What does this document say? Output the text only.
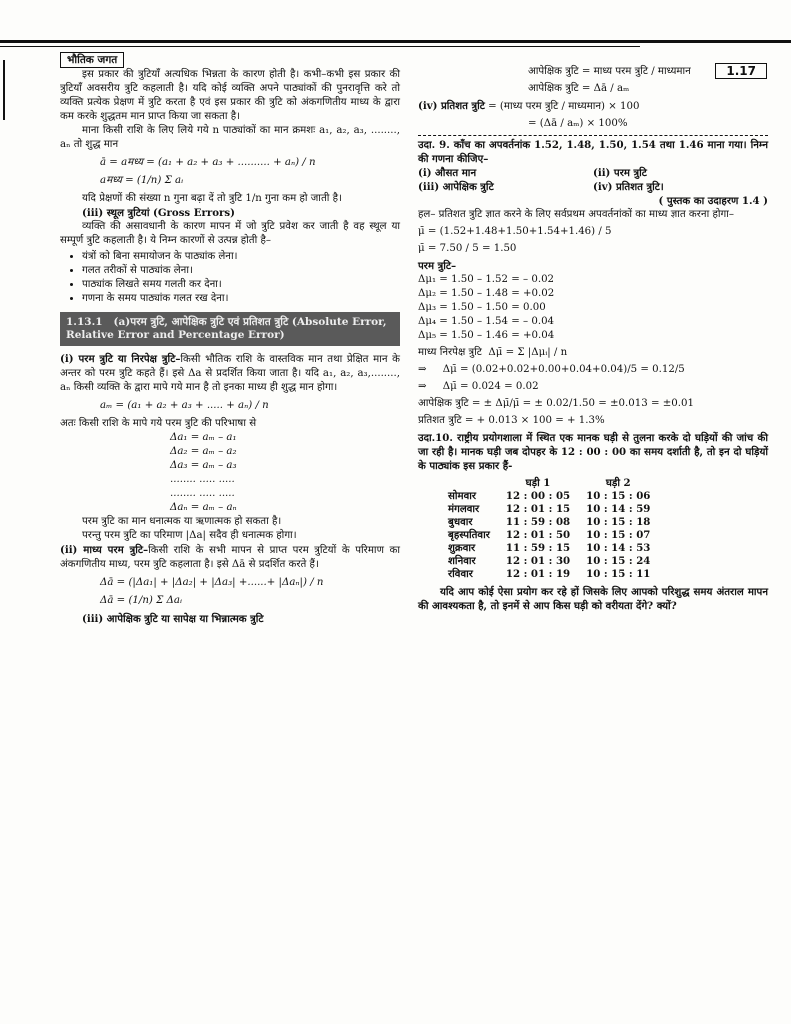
1.17
भौतिक जगत

इस प्रकार की त्रुटियाँ अत्यधिक भिन्नता के कारण होती है। कभी–कभी इस प्रकार की त्रुटियाँ अवसरीय त्रुटि कहलाती है। यदि कोई व्यक्ति अपने पाठ्यांकों की पुनरावृत्ति करे तो व्यक्ति प्रत्येक प्रेक्षण में त्रुटि करता है एवं इस प्रकार की त्रुटि को अंकगणितीय माध्य के द्वारा कम करके शुद्धतम मान प्राप्त किया जा सकता है।

माना किसी राशि के लिए लिये गये n पाठ्यांकों का मान क्रमशः a₁, a₂, a₃, ........, aₙ तो शुद्ध मान

ā = aमध्य = (a₁ + a₂ + a₃ + .......... + aₙ) / n
aमध्य = (1/n) Σ aᵢ

यदि प्रेक्षणों की संख्या n गुना बढ़ा दें तो त्रुटि 1/n गुना कम हो जाती है।

(iii) स्थूल त्रुटियां (Gross Errors)

व्यक्ति की असावधानी के कारण मापन में जो त्रुटि प्रवेश कर जाती है वह स्थूल या सम्पूर्ण त्रुटि कहलाती है। ये निम्न कारणों से उत्पन्न होती है–

• यंत्रों को बिना समायोजन के पाठ्यांक लेना।
• गलत तरीकों से पाठ्यांक लेना।
• पाठ्यांक लिखते समय गलती कर देना।
• गणना के समय पाठ्यांक गलत रख देना।
1.13.1 (a)परम त्रुटि, आपेक्षिक त्रुटि एवं प्रतिशत त्रुटि (Absolute Error, Relative Error and Percentage Error)

(i) परम त्रुटि या निरपेक्ष त्रुटि–किसी भौतिक राशि के वास्तविक मान तथा प्रेक्षित मान के अन्तर को परम त्रुटि कहते हैं। इसे Δa से प्रदर्शित किया जाता है। यदि a₁, a₂, a₃,........, aₙ किसी व्यक्ति के द्वारा मापे गये मान है तो इनका माध्य ही शुद्ध मान होगा।

aₘ = (a₁ + a₂ + a₃ + ..... + aₙ) / n

अतः किसी राशि के मापे गये परम त्रुटि की परिभाषा से

Δa₁ = aₘ – a₁
Δa₂ = aₘ – a₂
Δa₃ = aₘ – a₃
........ ..... .....
........ ..... .....
Δaₙ = aₘ – aₙ

परम त्रुटि का मान धनात्मक या ऋणात्मक हो सकता है।

परन्तु परम त्रुटि का परिमाण |Δa| सदैव ही धनात्मक होगा।

(ii) माध्य परम त्रुटि–किसी राशि के सभी मापन से प्राप्त परम त्रुटियों के परिमाण का अंकगणितीय माध्य, परम त्रुटि कहलाता है। इसे Δā से प्रदर्शित करते हैं।

Δā = (|Δa₁| + |Δa₂| + |Δa₃| +......+ |Δaₙ|) / n
Δā = (1/n) Σ Δaᵢ

(iii) आपेक्षिक त्रुटि या सापेक्ष या भिन्नात्मक त्रुटि

आपेक्षिक त्रुटि = माध्य परम त्रुटि / माध्यमान
आपेक्षिक त्रुटि = Δā / aₘ
(iv) प्रतिशत त्रुटि = (माध्य परम त्रुटि / माध्यमान) × 100
= (Δā / aₘ) × 100%

उदा. 9. काँच का अपवर्तनांक 1.52, 1.48, 1.50, 1.54 तथा 1.46 माना गया। निम्न की गणना कीजिए–

(i) औसत मान	(ii) परम त्रुटि
(iii) आपेक्षिक त्रुटि	(iv) प्रतिशत त्रुटि।
( पुस्तक का उदाहरण 1.4 )

हल– प्रतिशत त्रुटि ज्ञात करने के लिए सर्वप्रथम अपवर्तनांकों का माध्य ज्ञात करना होगा–

μ̄ = (1.52+1.48+1.50+1.54+1.46) / 5
μ̄ = 7.50 / 5 = 1.50
परम त्रुटि–
Δμ₁ = 1.50 – 1.52 = – 0.02
Δμ₂ = 1.50 – 1.48 = +0.02
Δμ₃ = 1.50 – 1.50 = 0.00
Δμ₄ = 1.50 – 1.54 = – 0.04
Δμ₅ = 1.50 – 1.46 = +0.04
माध्य निरपेक्ष त्रुटि  Δμ̄ = Σ |Δμᵢ| / n
⇒     Δμ̄ = (0.02+0.02+0.00+0.04+0.04)/5 = 0.12/5
⇒     Δμ̄ = 0.024 = 0.02
आपेक्षिक त्रुटि = ± Δμ̄/μ̄ = ± 0.02/1.50 = ±0.013 = ±0.01
प्रतिशत त्रुटि = + 0.013 × 100 = + 1.3%

उदा.10. राष्ट्रीय प्रयोगशाला में स्थित एक मानक घड़ी से तुलना करके दो घड़ियों की जांच की जा रही है। मानक घड़ी जब दोपहर के 12 : 00 : 00 का समय दर्शाती है, तो इन दो घड़ियों के पाठ्यांक इस प्रकार हैं-

	घड़ी 1	घड़ी 2
सोमवार	12 : 00 : 05	10 : 15 : 06
मंगलवार	12 : 01 : 15	10 : 14 : 59
बुधवार	11 : 59 : 08	10 : 15 : 18
बृहस्पतिवार	12 : 01 : 50	10 : 15 : 07
शुक्रवार	11 : 59 : 15	10 : 14 : 53
शनिवार	12 : 01 : 30	10 : 15 : 24
रविवार	12 : 01 : 19	10 : 15 : 11

यदि आप कोई ऐसा प्रयोग कर रहे हों जिसके लिए आपको परिशुद्ध समय अंतराल मापन की आवश्यकता है, तो इनमें से आप किस घड़ी को वरीयता देंगे? क्यों?
